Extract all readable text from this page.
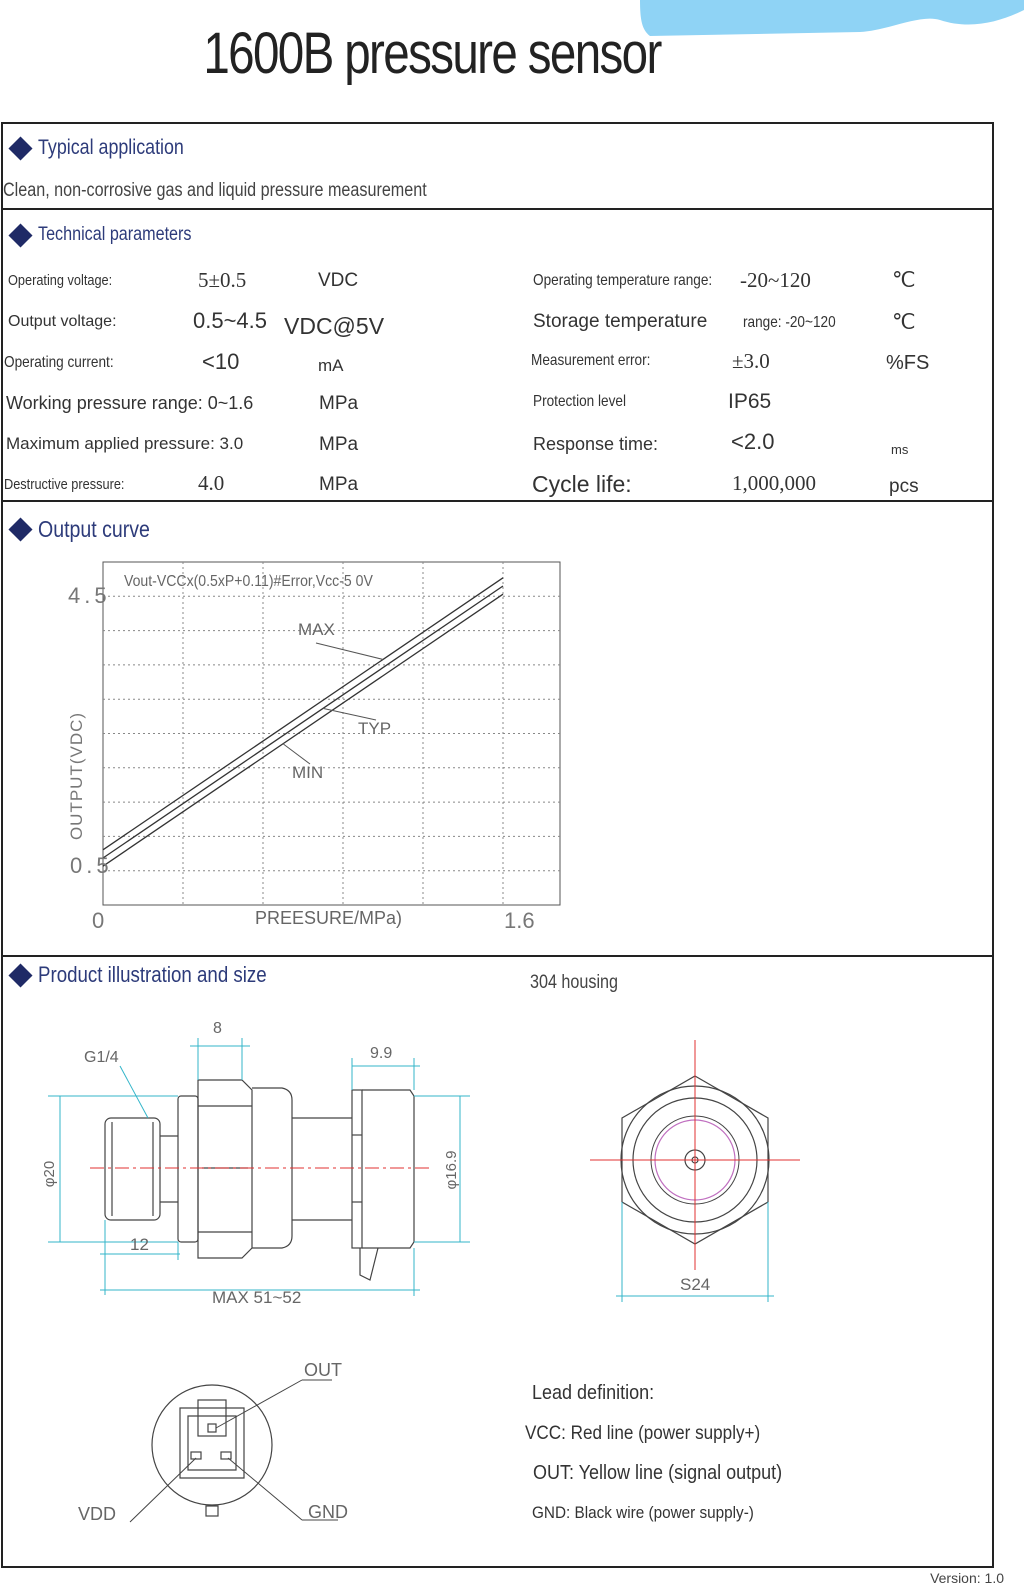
1600B pressure sensor
Typical application
Clean, non-corrosive gas and liquid pressure measurement
Technical parameters
Operating voltage:	5±0.5	VDC
Output voltage:	0.5~4.5 VDC@5V
Operating current:	<10	mA
Working pressure range: 0~1.6	MPa
Maximum applied pressure: 3.0	MPa
Destructive pressure:	4.0	MPa
Operating temperature range: -20~120	℃
Storage temperature range: -20~120	℃
Measurement error:	±3.0	%FS
Protection level	IP65
Response time:	<2.0	ms
Cycle life:	1,000,000	pcs
Output curve
Vout-VCCx(0.5xP+0.11)#Error,Vcc-5 0V
4.5
0.5
0	1.6
PREESURE/MPa)
OUTPUT(VDC)
MAX
TYP
MIN
Product illustration and size	304 housing
8
G1/4	9.9
φ20	φ16.9
12
MAX 51~52
S24
OUT
VDD	GND
Lead definition:
VCC: Red line (power supply+)
OUT: Yellow line (signal output)
GND: Black wire (power supply-)
Version: 1.0
